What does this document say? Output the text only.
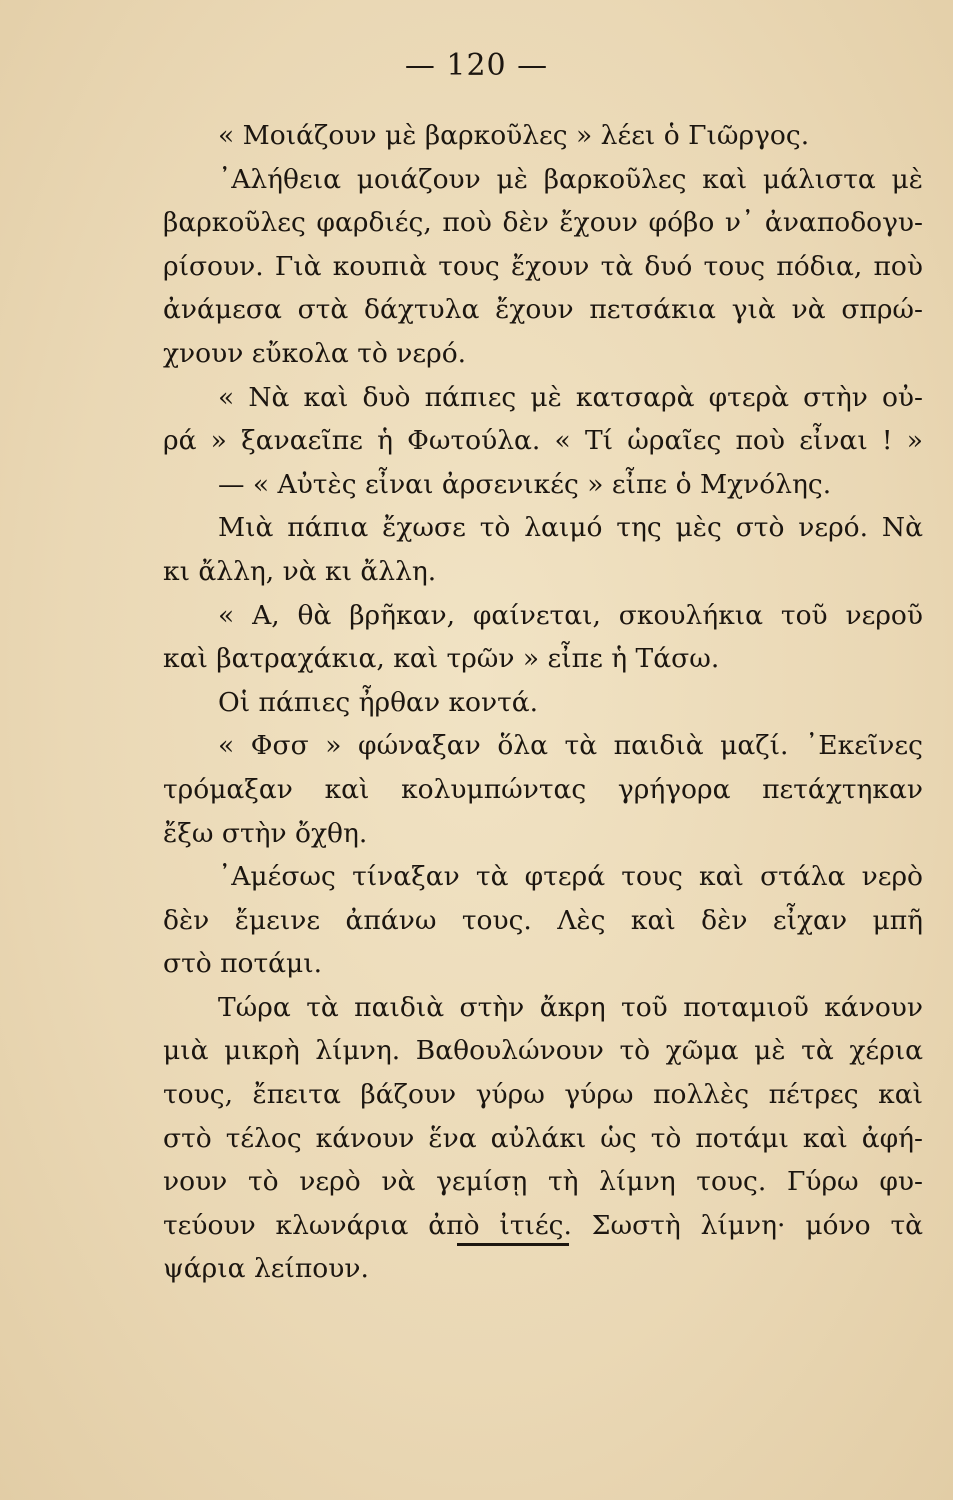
— 120 —
« Μοιάζουν μὲ βαρκοῦλες » λέει ὁ Γιῶργος.
᾿Αλήθεια μοιάζουν μὲ βαρκοῦλες καὶ μάλιστα μὲ
βαρκοῦλες φαρδιές, ποὺ δὲν ἔχουν φόβο ν᾿ ἀναποδογυ-
ρίσουν. Γιὰ κουπιὰ τους ἔχουν τὰ δυό τους πόδια, ποὺ
ἀνάμεσα στὰ δάχτυλα ἔχουν πετσάκια γιὰ νὰ σπρώ-
χνουν εὔκολα τὸ νερό.
« Νὰ καὶ δυὸ πάπιες μὲ κατσαρὰ φτερὰ στὴν οὐ-
ρά » ξαναεῖπε ἡ Φωτούλα. « Τί ὡραῖες ποὺ εἶναι ! »
— « Αὐτὲς εἶναι ἀρσενικές » εἶπε ὁ Μχνόλης.
Μιὰ πάπια ἔχωσε τὸ λαιμό της μὲς στὸ νερό. Νὰ
κι ἄλλη, νὰ κι ἄλλη.
« Α, θὰ βρῆκαν, φαίνεται, σκουλήκια τοῦ νεροῦ
καὶ βατραχάκια, καὶ τρῶν » εἶπε ἡ Τάσω.
Οἱ πάπιες ἦρθαν κοντά.
« Φσσ » φώναξαν ὅλα τὰ παιδιὰ μαζί. ᾿Εκεῖνες
τρόμαξαν καὶ κολυμπώντας γρήγορα πετάχτηκαν
ἔξω στὴν ὄχθη.
᾿Αμέσως τίναξαν τὰ φτερά τους καὶ στάλα νερὸ
δὲν ἔμεινε ἀπάνω τους. Λὲς καὶ δὲν εἶχαν μπῆ
στὸ ποτάμι.
Τώρα τὰ παιδιὰ στὴν ἄκρη τοῦ ποταμιοῦ κάνουν
μιὰ μικρὴ λίμνη. Βαθουλώνουν τὸ χῶμα μὲ τὰ χέρια
τους, ἔπειτα βάζουν γύρω γύρω πολλὲς πέτρες καὶ
στὸ τέλος κάνουν ἕνα αὐλάκι ὡς τὸ ποτάμι καὶ ἀφή-
νουν τὸ νερὸ νὰ γεμίσῃ τὴ λίμνη τους. Γύρω φυ-
τεύουν κλωνάρια ἀπὸ ἰτιές. Σωστὴ λίμνη· μόνο τὰ
ψάρια λείπουν.
